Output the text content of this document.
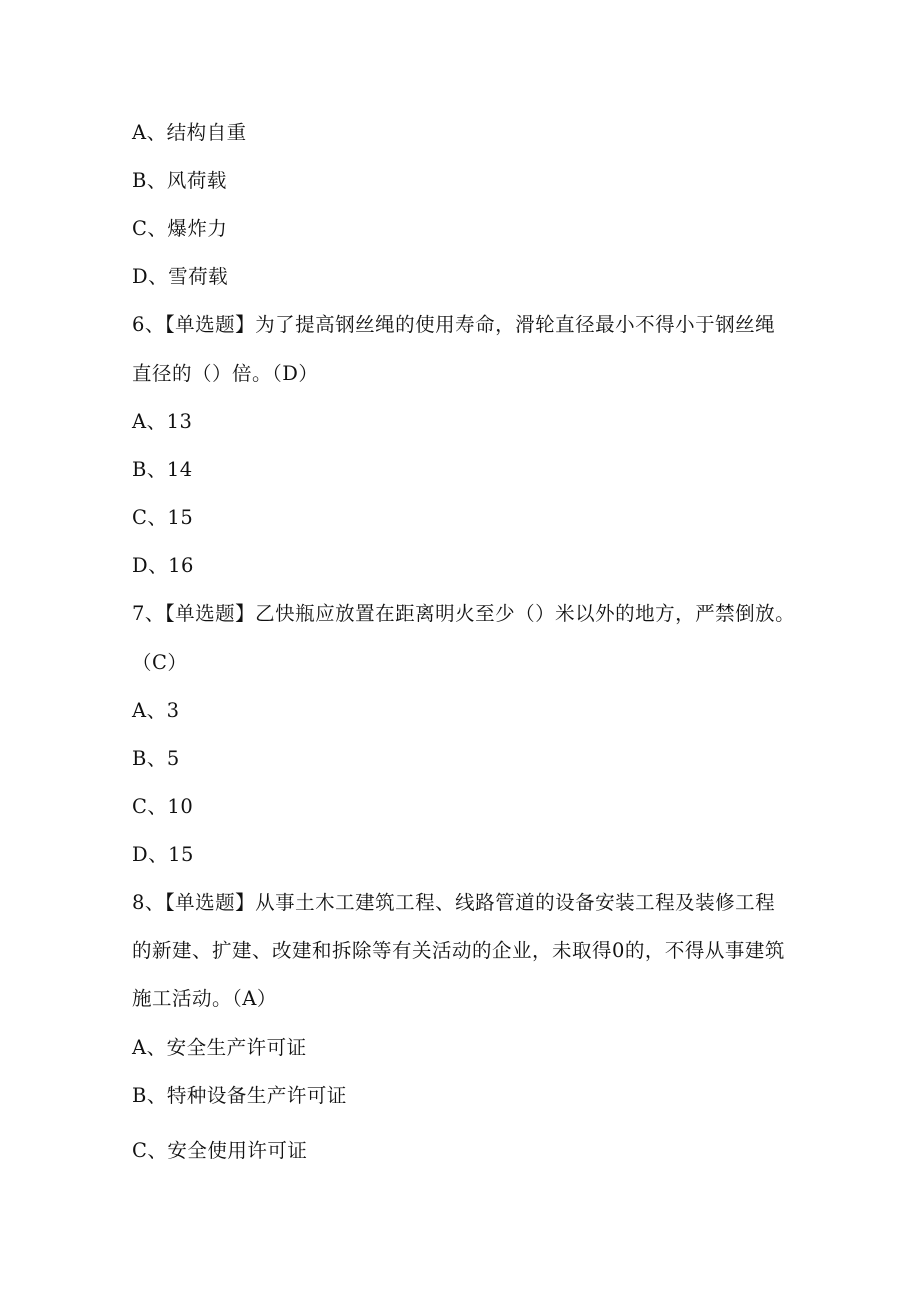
A、结构自重
B、风荷载
C、爆炸力
D、雪荷载
6、【单选题】为了提高钢丝绳的使用寿命，滑轮直径最小不得小于钢丝绳
直径的（）倍。（D）
A、13
B、14
C、15
D、16
7、【单选题】乙快瓶应放置在距离明火至少（）米以外的地方，严禁倒放。
（C）
A、3
B、5
C、10
D、15
8、【单选题】从事土木工建筑工程、线路管道的设备安装工程及装修工程
的新建、扩建、改建和拆除等有关活动的企业，未取得0的，不得从事建筑
施工活动。（A）
A、安全生产许可证
B、特种设备生产许可证
C、安全使用许可证
